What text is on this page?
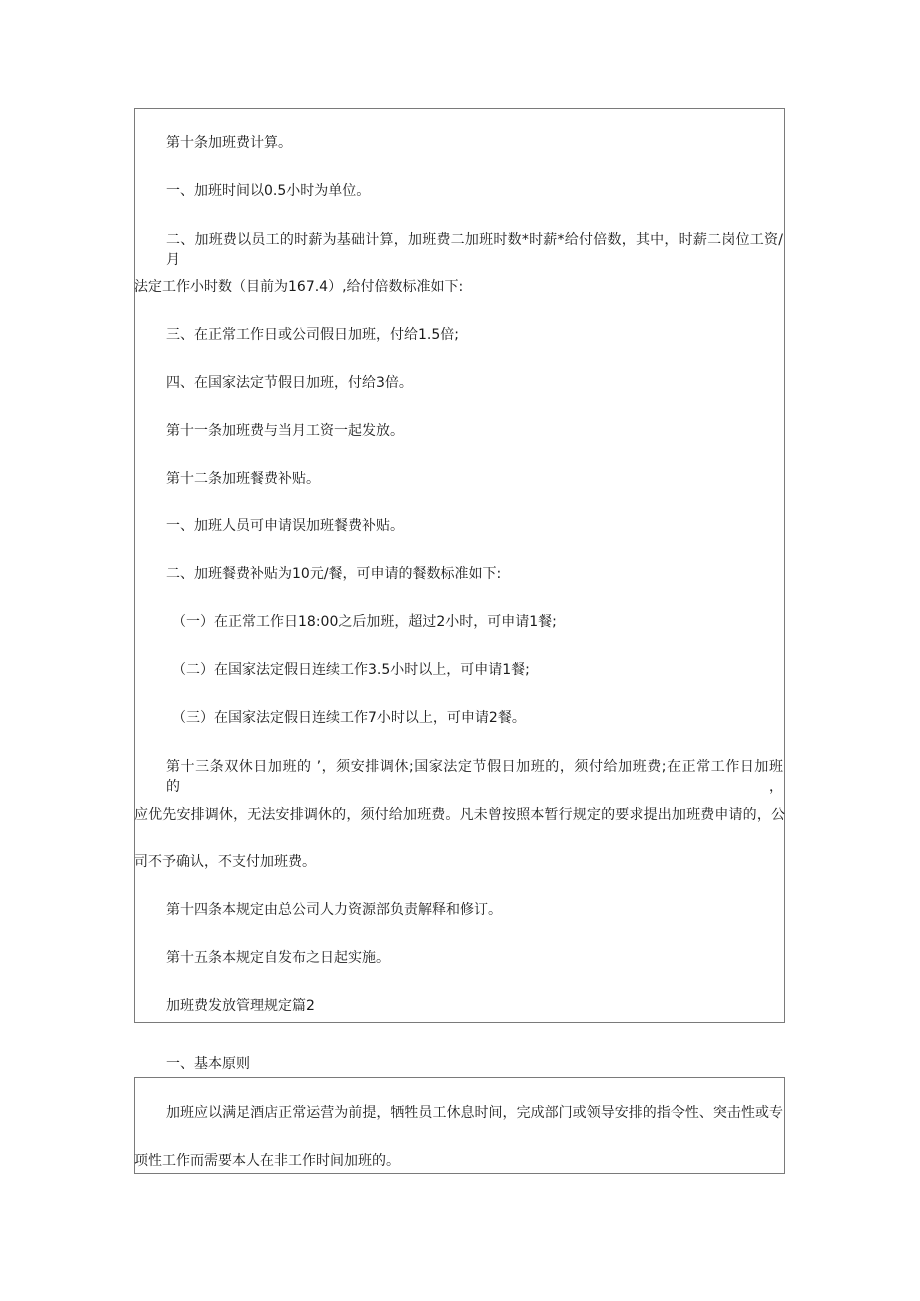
第十条加班费计算。
一、加班时间以0.5小时为单位。
二、加班费以员工的时薪为基础计算，加班费二加班时数*时薪*给付倍数，其中，时薪二岗位工资/月
法定工作小时数（目前为167.4）,给付倍数标准如下:
三、在正常工作日或公司假日加班，付给1.5倍;
四、在国家法定节假日加班，付给3倍。
第十一条加班费与当月工资一起发放。
第十二条加班餐费补贴。
一、加班人员可申请误加班餐费补贴。
二、加班餐费补贴为10元/餐，可申请的餐数标准如下:
（一）在正常工作日18:00之后加班，超过2小时，可申请1餐;
（二）在国家法定假日连续工作3.5小时以上，可申请1餐;
（三）在国家法定假日连续工作7小时以上，可申请2餐。
第十三条双休日加班的 ’，须安排调休;国家法定节假日加班的，须付给加班费;在正常工作日加班的，
应优先安排调休，无法安排调休的，须付给加班费。凡未曾按照本暂行规定的要求提出加班费申请的，公
司不予确认，不支付加班费。
第十四条本规定由总公司人力资源部负责解释和修订。
第十五条本规定自发布之日起实施。
加班费发放管理规定篇2
一、基本原则
加班应以满足酒店正常运营为前提，牺牲员工休息时间，完成部门或领导安排的指令性、突击性或专
项性工作而需要本人在非工作时间加班的。
